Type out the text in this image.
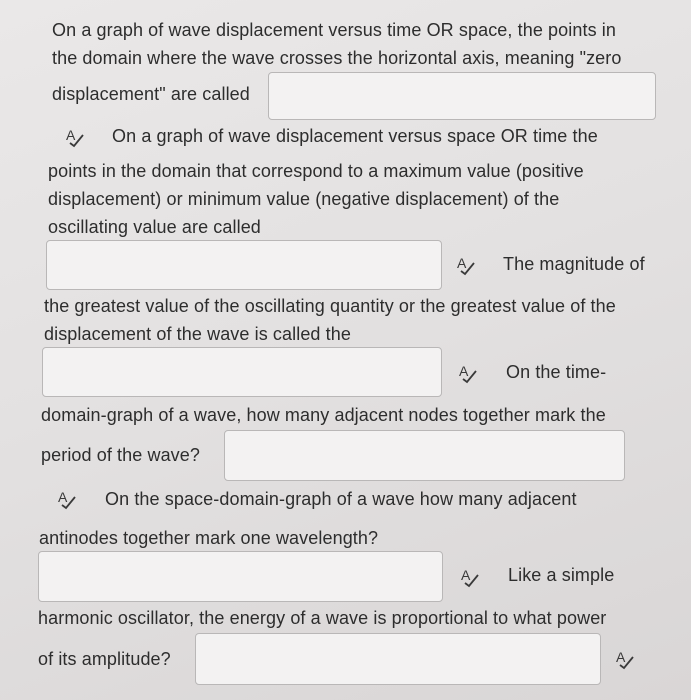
On a graph of wave displacement versus time OR space, the points in
the domain where the wave crosses the horizontal axis, meaning "zero
displacement" are called
A On a graph of wave displacement versus space OR time the
points in the domain that correspond to a maximum value (positive
displacement) or minimum value (negative displacement) of the
oscillating value are called
A The magnitude of
the greatest value of the oscillating quantity or the greatest value of the
displacement of the wave is called the
A On the time-
domain-graph of a wave, how many adjacent nodes together mark the
period of the wave?
A On the space-domain-graph of a wave how many adjacent
antinodes together mark one wavelength?
A Like a simple
harmonic oscillator, the energy of a wave is proportional to what power
of its amplitude?	A
